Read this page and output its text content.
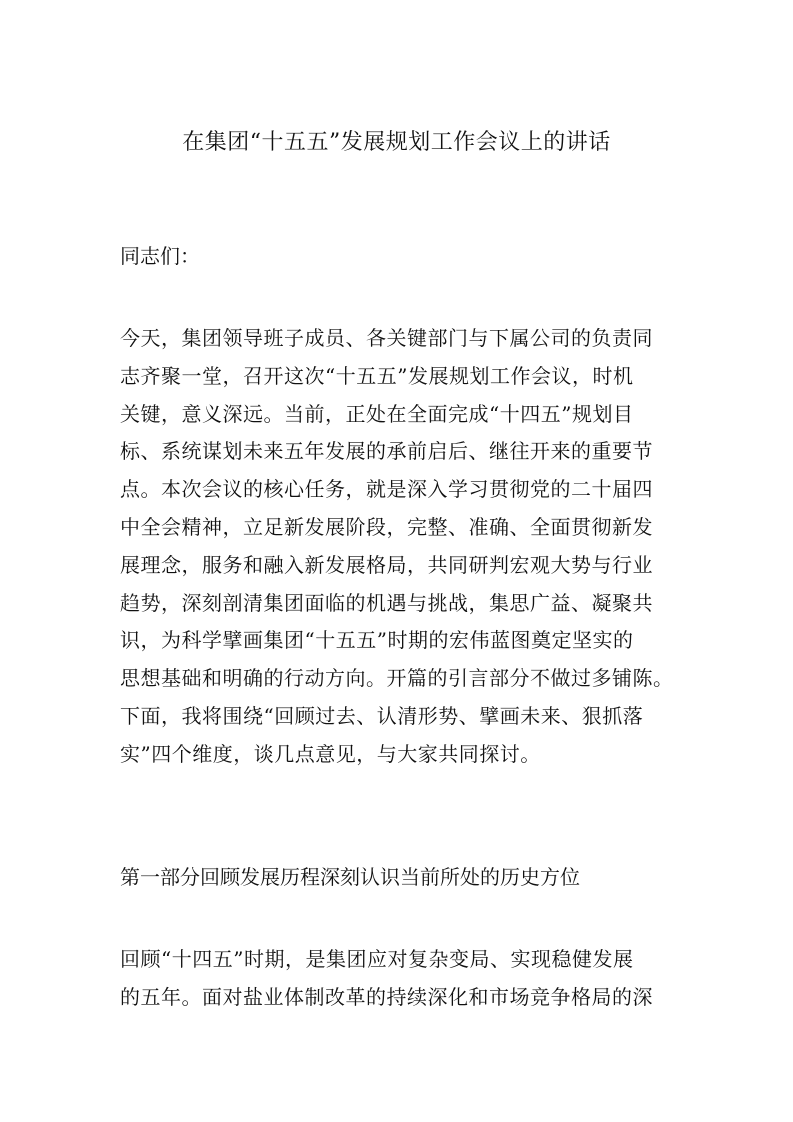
在集团“十五五”发展规划工作会议上的讲话

同志们：

今天，集团领导班子成员、各关键部门与下属公司的负责同
志齐聚一堂，召开这次“十五五”发展规划工作会议，时机
关键，意义深远。当前，正处在全面完成“十四五”规划目
标、系统谋划未来五年发展的承前启后、继往开来的重要节
点。本次会议的核心任务，就是深入学习贯彻党的二十届四
中全会精神，立足新发展阶段，完整、准确、全面贯彻新发
展理念，服务和融入新发展格局，共同研判宏观大势与行业
趋势，深刻剖清集团面临的机遇与挑战，集思广益、凝聚共
识，为科学擘画集团“十五五”时期的宏伟蓝图奠定坚实的
思想基础和明确的行动方向。开篇的引言部分不做过多铺陈。
下面，我将围绕“回顾过去、认清形势、擘画未来、狠抓落
实”四个维度，谈几点意见，与大家共同探讨。

第一部分回顾发展历程深刻认识当前所处的历史方位

回顾“十四五”时期，是集团应对复杂变局、实现稳健发展
的五年。面对盐业体制改革的持续深化和市场竞争格局的深
